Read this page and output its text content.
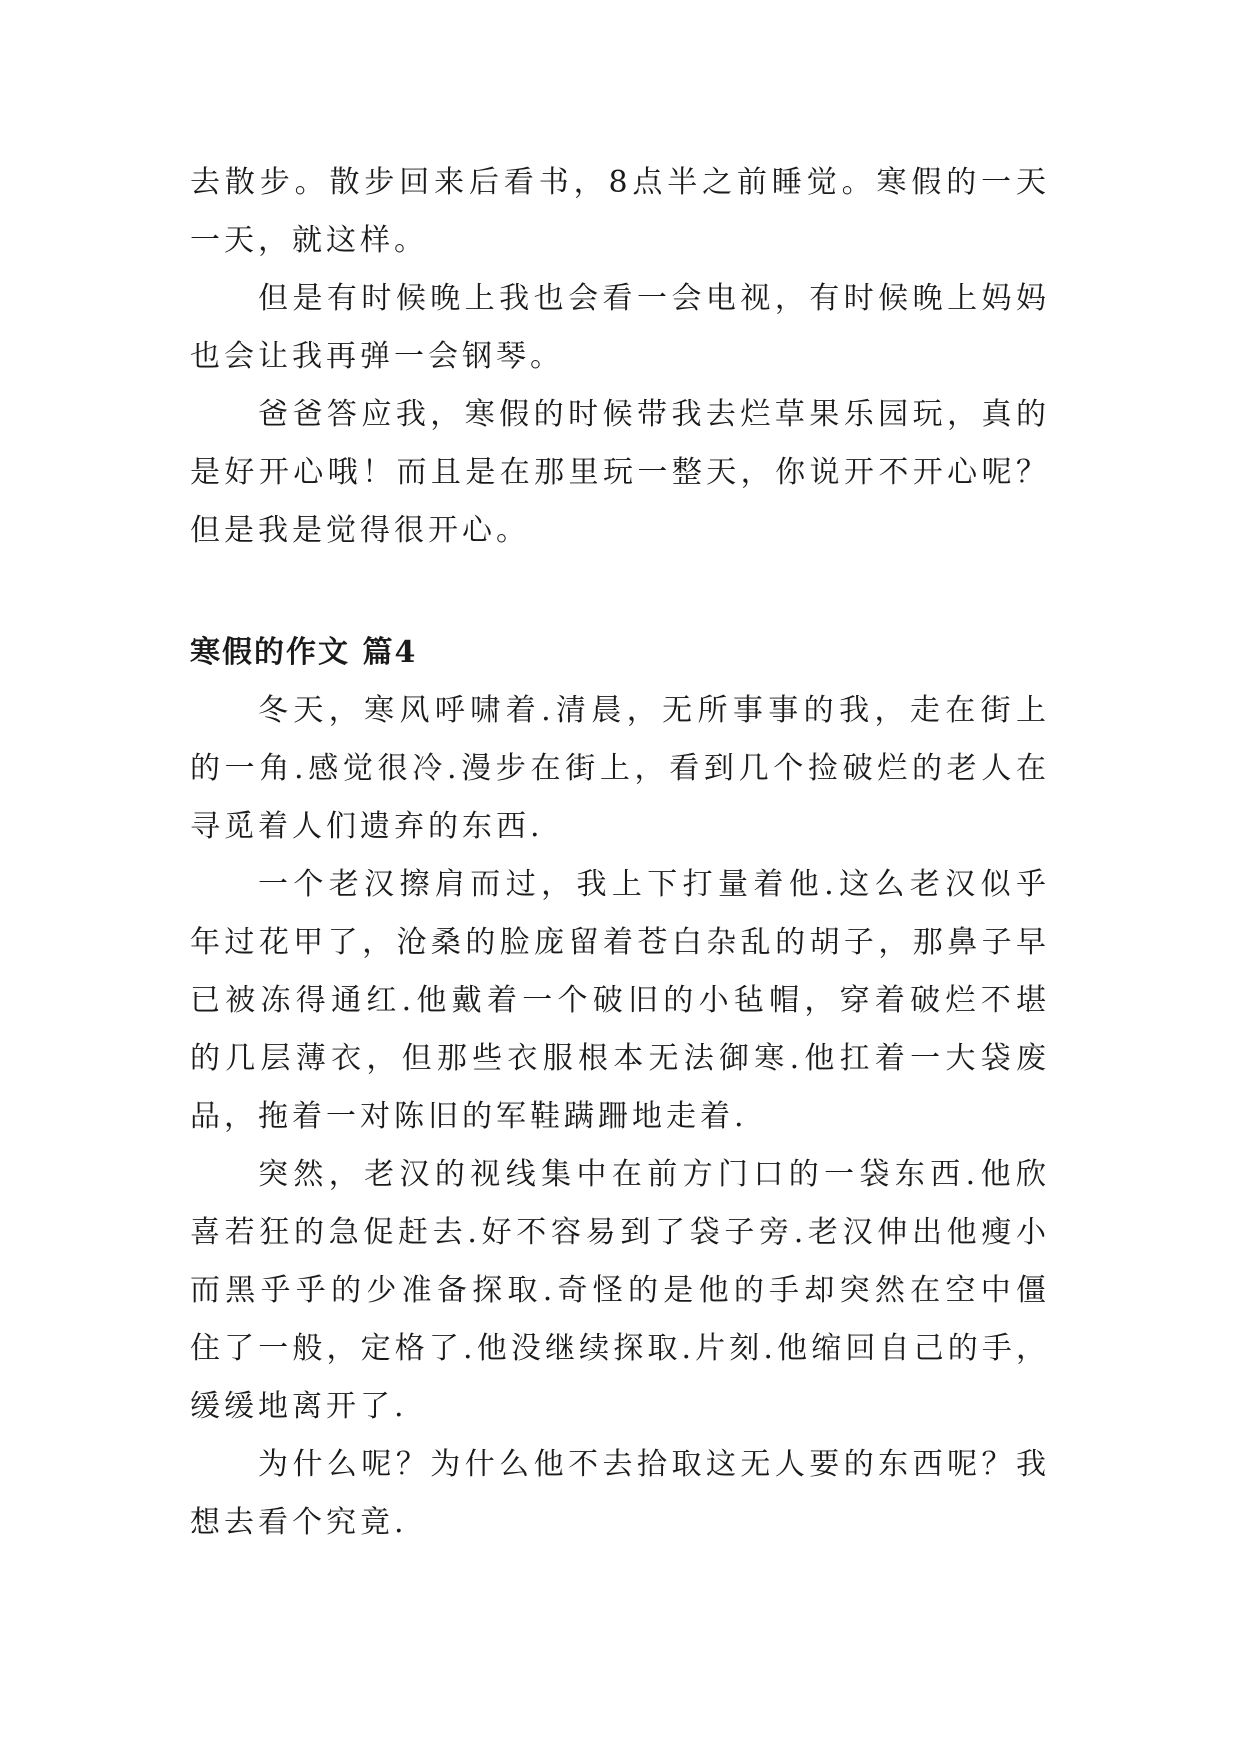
去散步。散步回来后看书，8点半之前睡觉。寒假的一天一天，就这样。

但是有时候晚上我也会看一会电视，有时候晚上妈妈也会让我再弹一会钢琴。

爸爸答应我，寒假的时候带我去烂草果乐园玩，真的是好开心哦！而且是在那里玩一整天，你说开不开心呢？但是我是觉得很开心。

寒假的作文 篇4

冬天，寒风呼啸着.清晨，无所事事的我，走在街上的一角.感觉很冷.漫步在街上，看到几个捡破烂的老人在寻觅着人们遗弃的东西.

一个老汉擦肩而过，我上下打量着他.这么老汉似乎年过花甲了，沧桑的脸庞留着苍白杂乱的胡子，那鼻子早已被冻得通红.他戴着一个破旧的小毡帽，穿着破烂不堪的几层薄衣，但那些衣服根本无法御寒.他扛着一大袋废品，拖着一对陈旧的军鞋蹒跚地走着.

突然，老汉的视线集中在前方门口的一袋东西.他欣喜若狂的急促赶去.好不容易到了袋子旁.老汉伸出他瘦小而黑乎乎的少准备探取.奇怪的是他的手却突然在空中僵住了一般，定格了.他没继续探取.片刻.他缩回自己的手，缓缓地离开了.

为什么呢？为什么他不去拾取这无人要的东西呢？我想去看个究竟.
